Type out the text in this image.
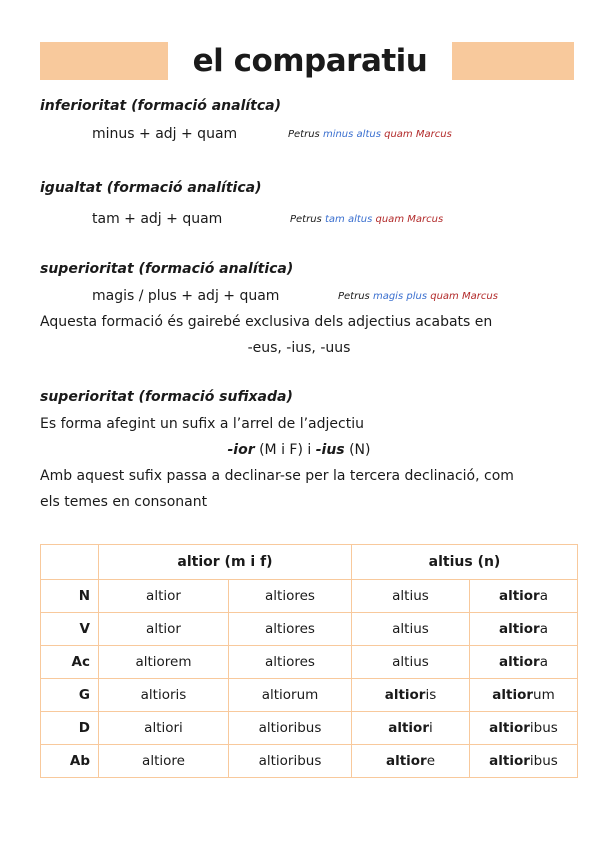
el comparatiu
inferioritat (formació analítca)
minus + adj + quam	Petrus minus altus quam Marcus
igualtat (formació analítica)
tam + adj + quam	Petrus tam altus quam Marcus
superioritat (formació analítica)
magis / plus + adj + quam	Petrus magis plus quam Marcus
Aquesta formació és gairebé exclusiva dels adjectius acabats en
-eus, -ius, -uus
superioritat (formació sufixada)
Es forma afegint un sufix a l’arrel de l’adjectiu
-ior (M i F) i -ius (N)
Amb aquest sufix passa a declinar-se per la tercera declinació, com
els temes en consonant
	altior (m i f)		altius (n)	
N	altior	altiores	altius	altiora
V	altior	altiores	altius	altiora
Ac	altiorem	altiores	altius	altiora
G	altioris	altiorum	altioris	altiorum
D	altiori	altioribus	altiori	altioribus
Ab	altiore	altioribus	altiore	altioribus
